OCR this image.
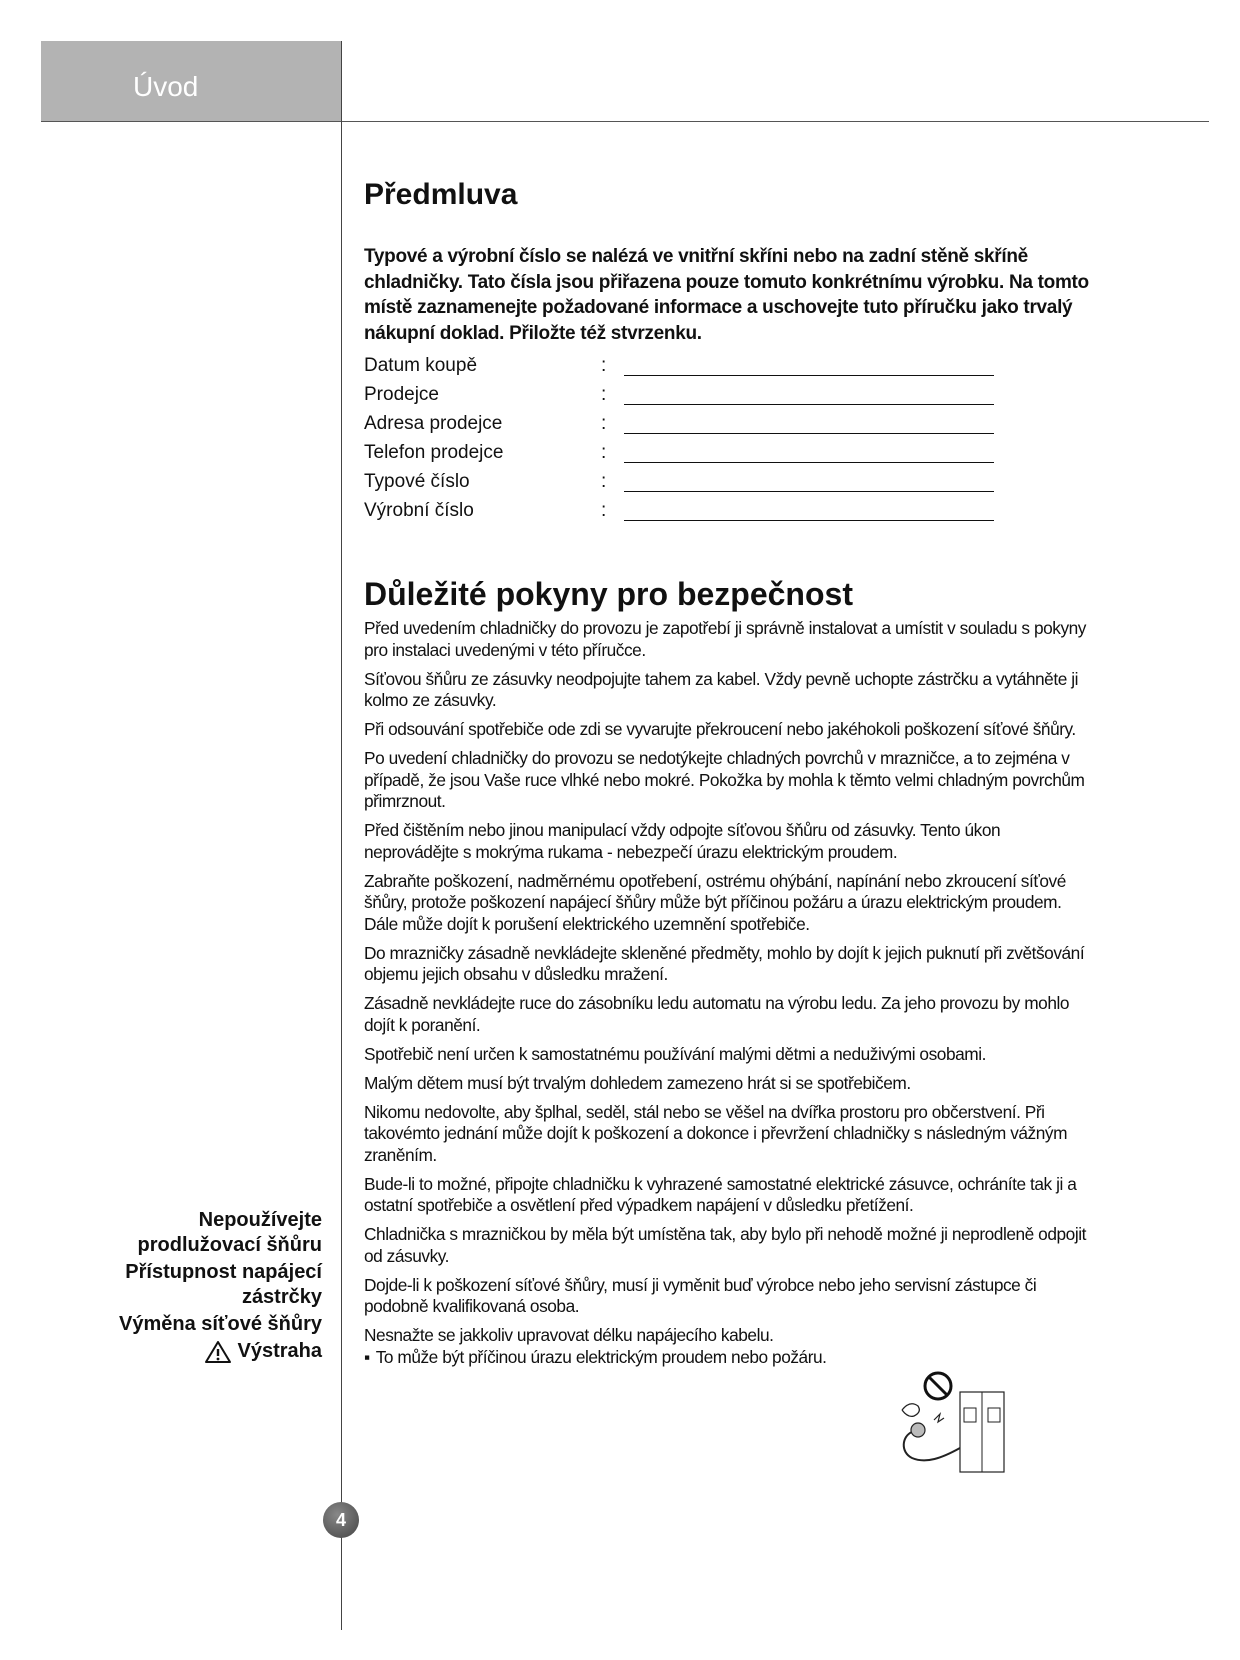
Úvod
Předmluva
Typové a výrobní číslo se nalézá ve vnitřní skříni nebo na zadní stěně skříně chladničky. Tato čísla jsou přiřazena pouze tomuto konkrétnímu výrobku. Na tomto místě zaznamenejte požadované informace a uschovejte tuto příručku jako trvalý nákupní doklad. Přiložte též stvrzenku.
Datum koupě	:
Prodejce	:
Adresa prodejce	:
Telefon prodejce	:
Typové číslo	:
Výrobní číslo	:
Důležité pokyny pro bezpečnost

Před uvedením chladničky do provozu je zapotřebí ji správně instalovat a umístit v souladu s pokyny pro instalaci uvedenými v této příručce.

Síťovou šňůru ze zásuvky neodpojujte tahem za kabel. Vždy pevně uchopte zástrčku a vytáhněte ji kolmo ze zásuvky.

Při odsouvání spotřebiče ode zdi se vyvarujte překroucení nebo jakéhokoli poškození síťové šňůry.

Po uvedení chladničky do provozu se nedotýkejte chladných povrchů v mrazničce, a to zejména v případě, že jsou Vaše ruce vlhké nebo mokré. Pokožka by mohla k těmto velmi chladným povrchům přimrznout.

Před čištěním nebo jinou manipulací vždy odpojte síťovou šňůru od zásuvky. Tento úkon neprovádějte s mokrýma rukama - nebezpečí úrazu elektrickým proudem.

Zabraňte poškození, nadměrnému opotřebení, ostrému ohýbání, napínání nebo zkroucení síťové šňůry, protože poškození napájecí šňůry může být příčinou požáru a úrazu elektrickým proudem. Dále může dojít k porušení elektrického uzemnění spotřebiče.

Do mrazničky zásadně nevkládejte skleněné předměty, mohlo by dojít k jejich puknutí při zvětšování objemu jejich obsahu v důsledku mražení.

Zásadně nevkládejte ruce do zásobníku ledu automatu na výrobu ledu. Za jeho provozu by mohlo dojít k poranění.

Spotřebič není určen k samostatnému používání malými dětmi a neduživými osobami.

Malým dětem musí být trvalým dohledem zamezeno hrát si se spotřebičem.

Nikomu nedovolte, aby šplhal, seděl, stál nebo se věšel na dvířka prostoru pro občerstvení. Při takovémto jednání může dojít k poškození a dokonce i převržení chladničky s následným vážným zraněním.

Bude-li to možné, připojte chladničku k vyhrazené samostatné elektrické zásuvce, ochráníte tak ji a ostatní spotřebiče a osvětlení před výpadkem napájení v důsledku přetížení.

Chladnička s mrazničkou by měla být umístěna tak, aby bylo při nehodě možné ji neprodleně odpojit od zásuvky.

Dojde-li k poškození síťové šňůry, musí ji vyměnit buď výrobce nebo jeho servisní zástupce či podobně kvalifikovaná osoba.

Nesnažte se jakkoliv upravovat délku napájecího kabelu.

▪ To může být příčinou úrazu elektrickým proudem nebo požáru.

Nepoužívejte prodlužovací šňůru
Přístupnost napájecí zástrčky
Výměna síťové šňůry
Výstraha
4
